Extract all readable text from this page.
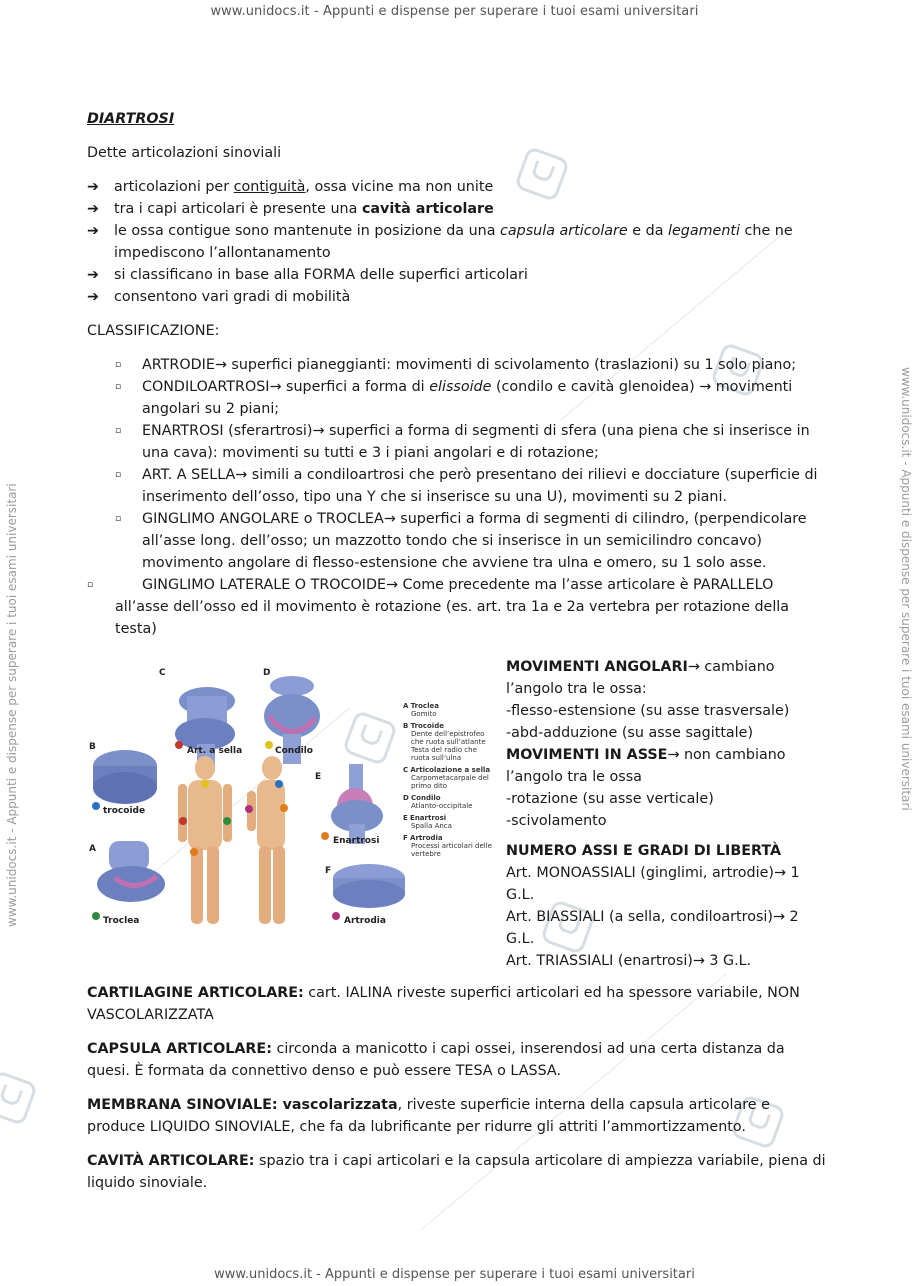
www.unidocs.it - Appunti e dispense per superare i tuoi esami universitari
www.unidocs.it - Appunti e dispense per superare i tuoi esami universitari	www.unidocs.it - Appunti e dispense per superare i tuoi esami universitari
www.unidocs.it - Appunti e dispense per superare i tuoi esami universitari

DIARTROSI

Dette articolazioni sinoviali

➔ articolazioni per contiguità, ossa vicine ma non unite
➔ tra i capi articolari è presente una cavità articolare
➔ le ossa contigue sono mantenute in posizione da una capsula articolare e da legamenti che ne impediscono l’allontanamento
➔ si classificano in base alla FORMA delle superfici articolari
➔ consentono vari gradi di mobilità

CLASSIFICAZIONE:

▫ ARTRODIE→ superfici pianeggianti: movimenti di scivolamento (traslazioni) su 1 solo piano;
▫ CONDILOARTROSI→ superfici a forma di elissoide (condilo e cavità glenoidea) → movimenti angolari su 2 piani;
▫ ENARTROSI (sferartrosi)→ superfici a forma di segmenti di sfera (una piena che si inserisce in una cava): movimenti su tutti e 3 i piani angolari e di rotazione;
▫ ART. A SELLA→ simili a condiloartrosi che però presentano dei rilievi e docciature (superficie di inserimento dell’osso, tipo una Y che si inserisce su una U), movimenti su 2 piani.
▫ GINGLIMO ANGOLARE o TROCLEA→ superfici a forma di segmenti di cilindro, (perpendicolare all’asse long. dell’osso; un mazzotto tondo che si inserisce in un semicilindro concavo) movimento angolare di flesso-estensione che avviene tra ulna e omero, su 1 solo asse.
▫	GINGLIMO LATERALE O TROCOIDE→ Come precedente ma l’asse articolare è PARALLELO all’asse dell’osso ed il movimento è rotazione (es. art. tra 1a e 2a vertebra per rotazione della testa)
C	D
B
A
E
F
Art. a sella	Condilo
trocoide
Enartrosi
Troclea	Artrodia
A Troclea
Gomito
B Trocoide
Dente dell’epistrofeo che ruota sull’atlante Testa del radio che ruota sull’ulna
C Articolazione a sella
Carpometacarpale del primo dito
D Condilo
Atlanto-occipitale
E Enartrosi
Spalla Anca
F Artrodia
Processi articolari delle vertebre

MOVIMENTI ANGOLARI→ cambiano l’angolo tra le ossa:

-flesso-estensione (su asse trasversale)

-abd-adduzione (su asse sagittale)

MOVIMENTI IN ASSE→ non cambiano l’angolo tra le ossa

-rotazione (su asse verticale)

-scivolamento

NUMERO ASSI E GRADI DI LIBERTÀ

Art. MONOASSIALI (ginglimi, artrodie)→ 1 G.L.

Art. BIASSIALI (a sella, condiloartrosi)→ 2 G.L.

Art. TRIASSIALI (enartrosi)→ 3 G.L.

CARTILAGINE ARTICOLARE: cart. IALINA riveste superfici articolari ed ha spessore variabile, NON VASCOLARIZZATA

CAPSULA ARTICOLARE: circonda a manicotto i capi ossei, inserendosi ad una certa distanza da quesi. È formata da connettivo denso e può essere TESA o LASSA.

MEMBRANA SINOVIALE: vascolarizzata, riveste superficie interna della capsula articolare e produce LIQUIDO SINOVIALE, che fa da lubrificante per ridurre gli attriti l’ammortizzamento.

CAVITÀ ARTICOLARE: spazio tra i capi articolari e la capsula articolare di ampiezza variabile, piena di liquido sinoviale.
